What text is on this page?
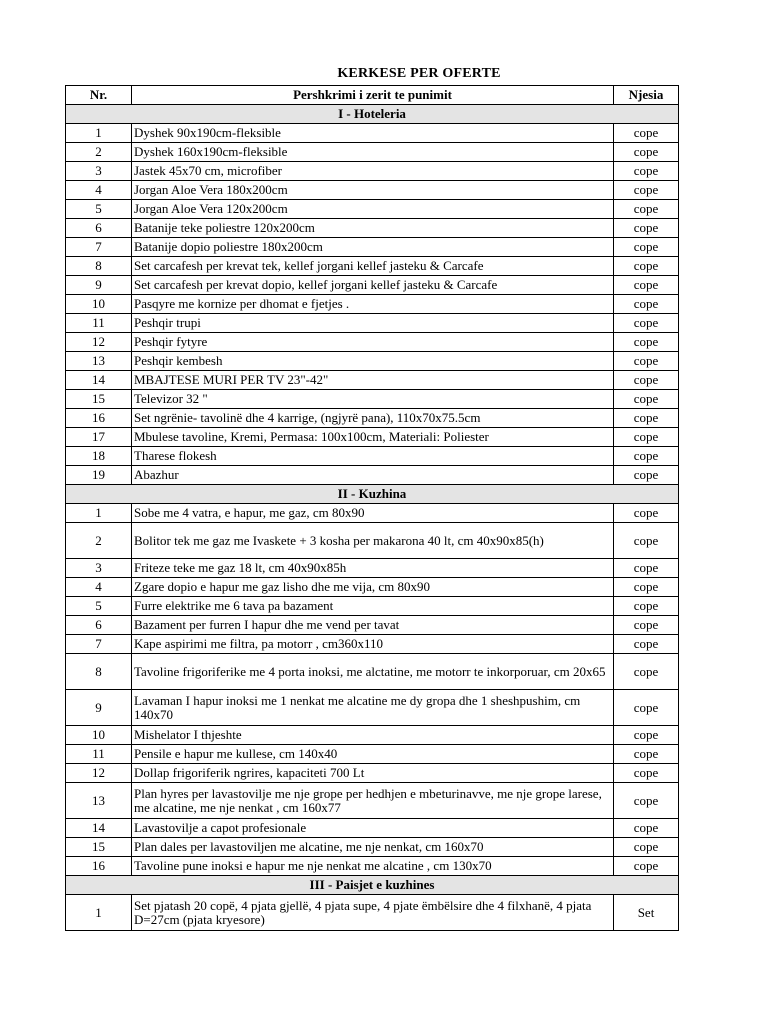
KERKESE PER OFERTE
Nr.	Pershkrimi i zerit te punimit	Njesia
I - Hoteleria		
1	Dyshek 90x190cm-fleksible	cope
2	Dyshek 160x190cm-fleksible	cope
3	Jastek 45x70 cm, microfiber	cope
4	Jorgan Aloe Vera 180x200cm	cope
5	Jorgan Aloe Vera 120x200cm	cope
6	Batanije teke poliestre 120x200cm	cope
7	Batanije dopio poliestre 180x200cm	cope
8	Set carcafesh per krevat tek, kellef jorgani kellef jasteku & Carcafe	cope
9	Set carcafesh per krevat dopio, kellef jorgani kellef jasteku & Carcafe	cope
10	Pasqyre me kornize per dhomat e fjetjes .	cope
11	Peshqir trupi	cope
12	Peshqir fytyre	cope
13	Peshqir kembesh	cope
14	MBAJTESE MURI PER TV 23"-42"	cope
15	Televizor 32 "	cope
16	Set ngrënie- tavolinë dhe 4 karrige, (ngjyrë pana), 110x70x75.5cm	cope
17	Mbulese tavoline, Kremi, Permasa: 100x100cm, Materiali: Poliester	cope
18	Tharese flokesh	cope
19	Abazhur	cope
II - Kuzhina		
1	Sobe me 4 vatra, e hapur, me gaz, cm 80x90	cope
2	Bolitor tek me gaz me Ivaskete + 3 kosha per makarona 40 lt, cm 40x90x85(h)	cope
3	Friteze teke me gaz 18 lt, cm 40x90x85h	cope
4	Zgare dopio e hapur me gaz lisho dhe me vija, cm 80x90	cope
5	Furre elektrike me 6 tava pa bazament	cope
6	Bazament per furren I hapur dhe me vend per tavat	cope
7	Kape aspirimi me filtra, pa motorr , cm360x110	cope
8	Tavoline frigoriferike me 4 porta inoksi, me alctatine, me motorr te inkorporuar, cm 20x65	cope
9	Lavaman I hapur inoksi me 1 nenkat me alcatine me dy gropa dhe 1 sheshpushim, cm 140x70	cope
10	Mishelator I thjeshte	cope
11	Pensile e hapur me kullese, cm 140x40	cope
12	Dollap frigoriferik ngrires, kapaciteti 700 Lt	cope
13	Plan hyres per lavastovilje me nje grope per hedhjen e mbeturinavve, me nje grope larese, me alcatine, me nje nenkat , cm 160x77	cope
14	Lavastovilje a capot profesionale	cope
15	Plan dales per lavastoviljen me alcatine, me nje nenkat, cm 160x70	cope
16	Tavoline pune inoksi e hapur me nje nenkat me alcatine , cm 130x70	cope
III - Paisjet e kuzhines		
1	Set pjatash 20 copë, 4 pjata gjellë, 4 pjata supe, 4 pjate ëmbëlsire dhe 4 filxhanë, 4 pjata D=27cm (pjata kryesore)	Set
